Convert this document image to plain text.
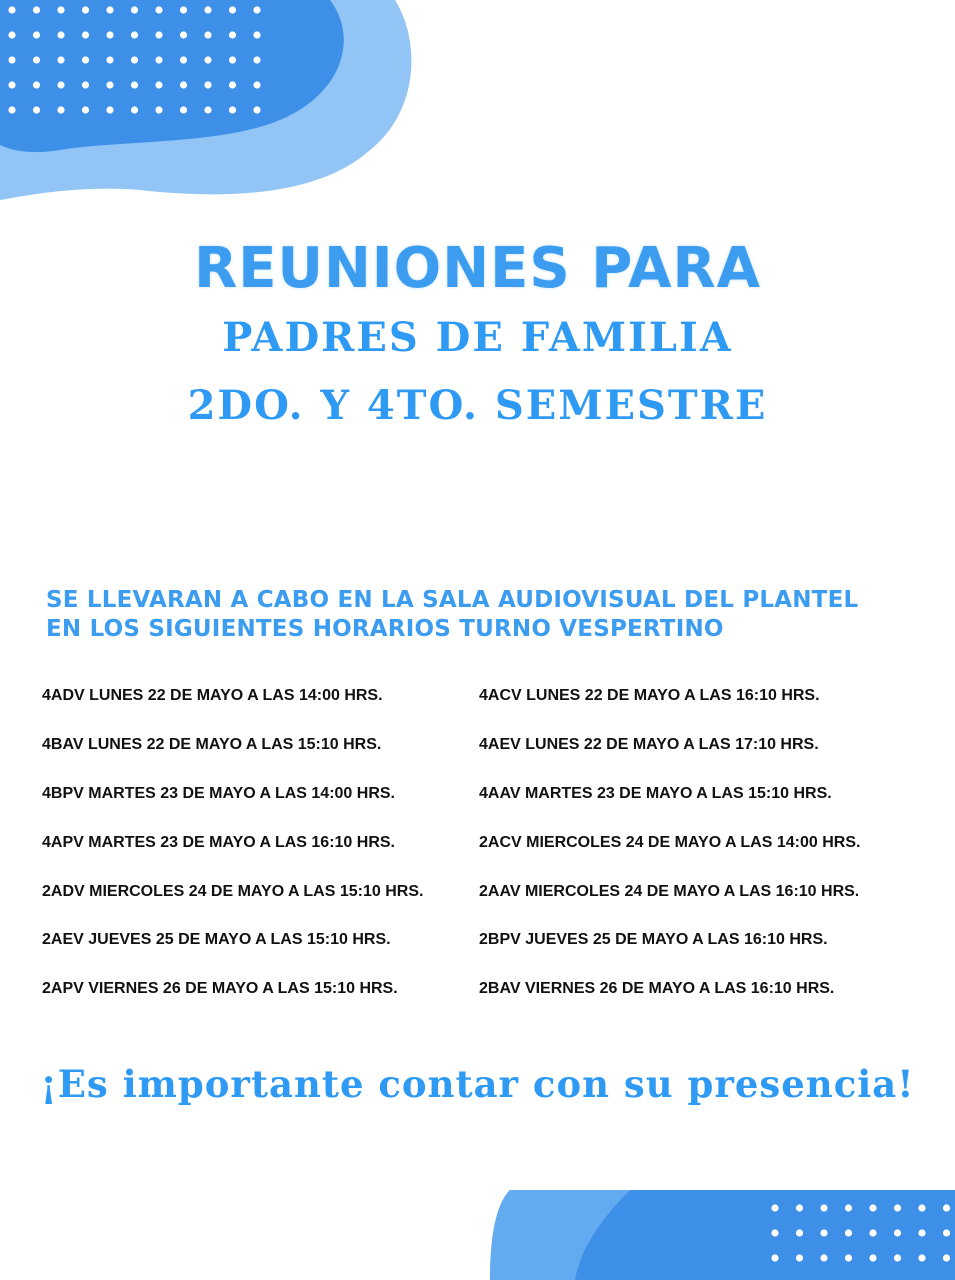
REUNIONES PARA
PADRES DE FAMILIA
2DO. Y 4TO. SEMESTRE
SE LLEVARAN A CABO EN LA SALA AUDIOVISUAL DEL PLANTEL
EN LOS SIGUIENTES HORARIOS TURNO VESPERTINO
4ADV LUNES 22 DE MAYO A LAS 14:00 HRS.	4ACV LUNES 22 DE MAYO A LAS 16:10 HRS.
4BAV LUNES 22 DE MAYO A LAS 15:10 HRS.	4AEV LUNES 22 DE MAYO A LAS 17:10 HRS.
4BPV MARTES 23 DE MAYO A LAS 14:00 HRS.	4AAV MARTES 23 DE MAYO A LAS 15:10 HRS.
4APV MARTES 23 DE MAYO A LAS 16:10 HRS.	2ACV MIERCOLES 24 DE MAYO A LAS 14:00 HRS.
2ADV MIERCOLES 24 DE MAYO A LAS 15:10 HRS.	2AAV MIERCOLES 24 DE MAYO A LAS 16:10 HRS.
2AEV JUEVES 25 DE MAYO A LAS 15:10 HRS.	2BPV JUEVES 25 DE MAYO A LAS 16:10 HRS.
2APV VIERNES 26 DE MAYO A LAS 15:10 HRS.	2BAV VIERNES 26 DE MAYO A LAS 16:10 HRS.
¡Es importante contar con su presencia!
